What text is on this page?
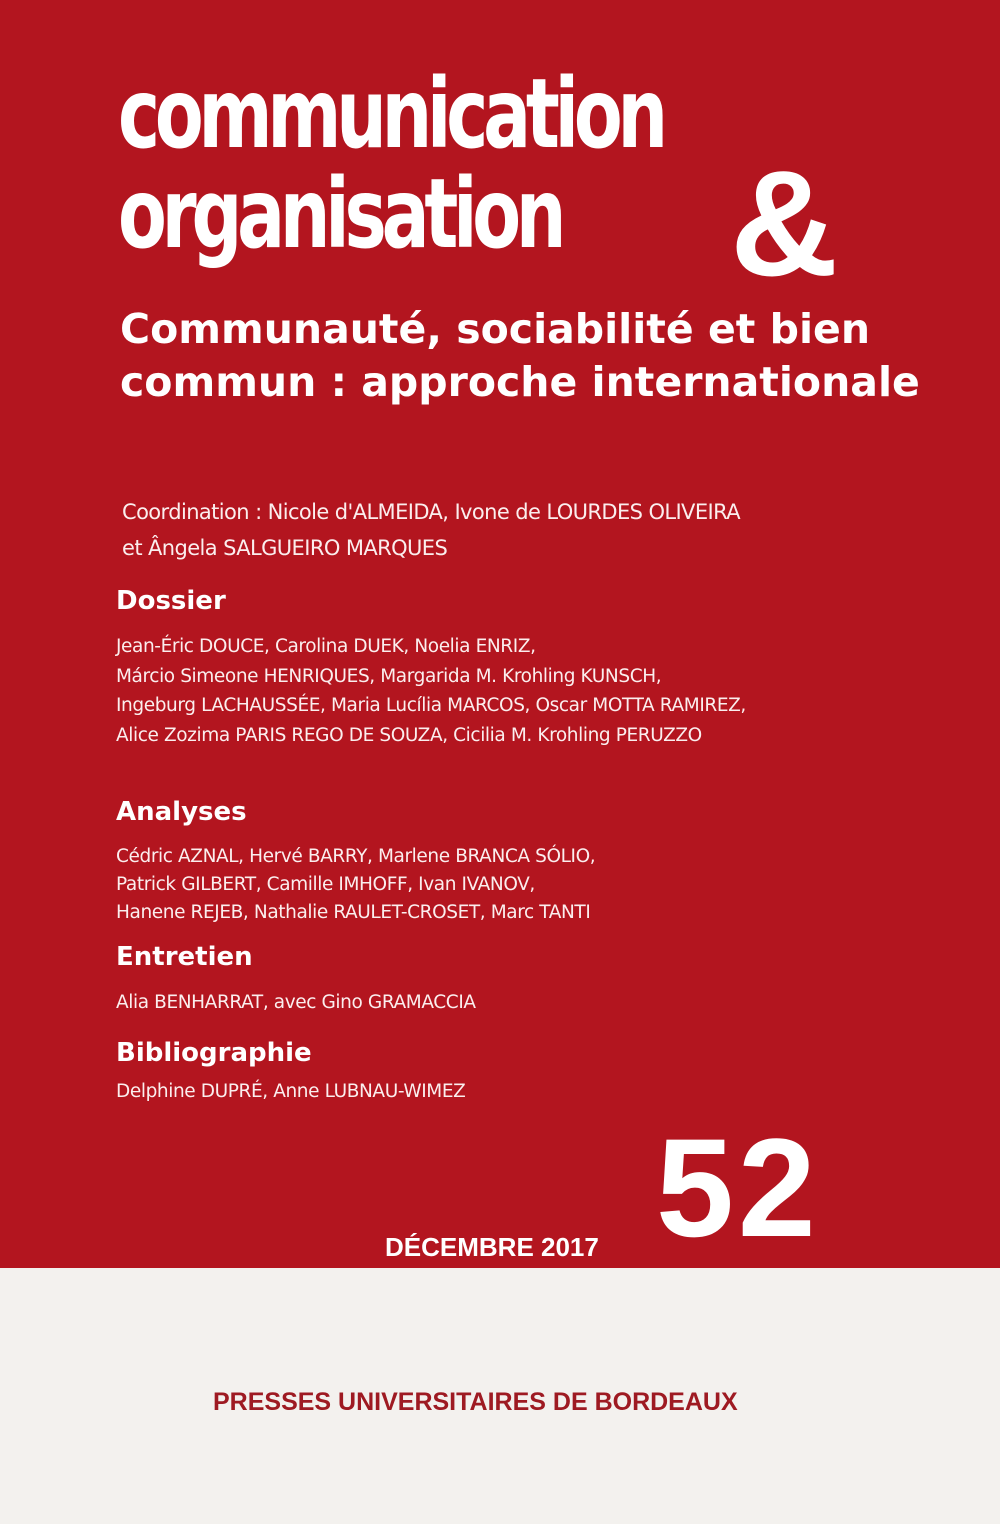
communication
organisation &
Communauté, sociabilité et bien commun : approche internationale
Coordination : Nicole d'ALMEIDA, Ivone de LOURDES OLIVEIRA
et Ângela SALGUEIRO MARQUES
Dossier
Jean-Éric DOUCE, Carolina DUEK, Noelia ENRIZ,
Márcio Simeone HENRIQUES, Margarida M. Krohling KUNSCH,
Ingeburg LACHAUSSÉE, Maria Lucília MARCOS, Oscar MOTTA RAMIREZ,
Alice Zozima PARIS REGO DE SOUZA, Cicilia M. Krohling PERUZZO
Analyses
Cédric AZNAL, Hervé BARRY, Marlene BRANCA SÓLIO,
Patrick GILBERT, Camille IMHOFF, Ivan IVANOV,
Hanene REJEB, Nathalie RAULET-CROSET, Marc TANTI
Entretien
Alia BENHARRAT, avec Gino GRAMACCIA
Bibliographie
Delphine DUPRÉ, Anne LUBNAU-WIMEZ
52
DÉCEMBRE 2017
PRESSES UNIVERSITAIRES DE BORDEAUX
